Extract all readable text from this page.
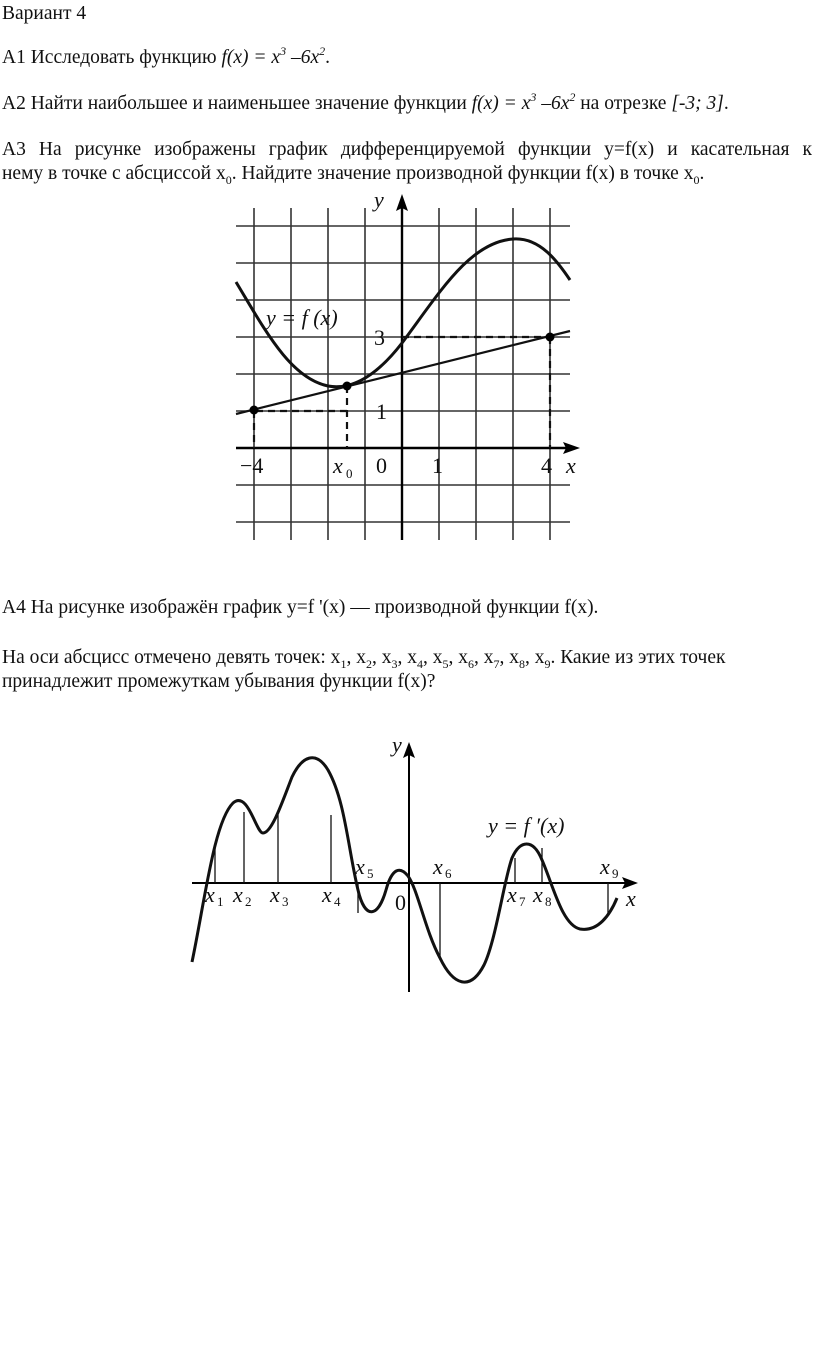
Вариант 4
А1 Исследовать функцию $f(x) = x^3$ $-6x^2$.
А2 Найти наибольшее и наименьшее значение функции $f(x) = x^3$ $-6x^2$ на отрезке [-3; 3].
А3 На рисунке изображены график дифференцируемой функции y=f(x) и касательная к
нему в точке с абсциссой $x_0$. Найдите значение производной функции f(x) в точке $x_0$.
y
x
y = f (x)
3
1
−4	x 0 0 1	4
А4 На рисунке изображён график y=f '(x) — производной функции f(x).
На оси абсцисс отмечено девять точек: $x_1$, $x_2$, $x_3$, $x_4$, $x_5$, $x_6$, $x_7$, $x_8$, $x_9$. Какие из этих точек
принадлежит промежуткам убывания функции f(x)?
y
x
y = f ′(x)
0
x 1 x 2 x 3 x 4
x 5	x 6
x 7 x 8
x 9
